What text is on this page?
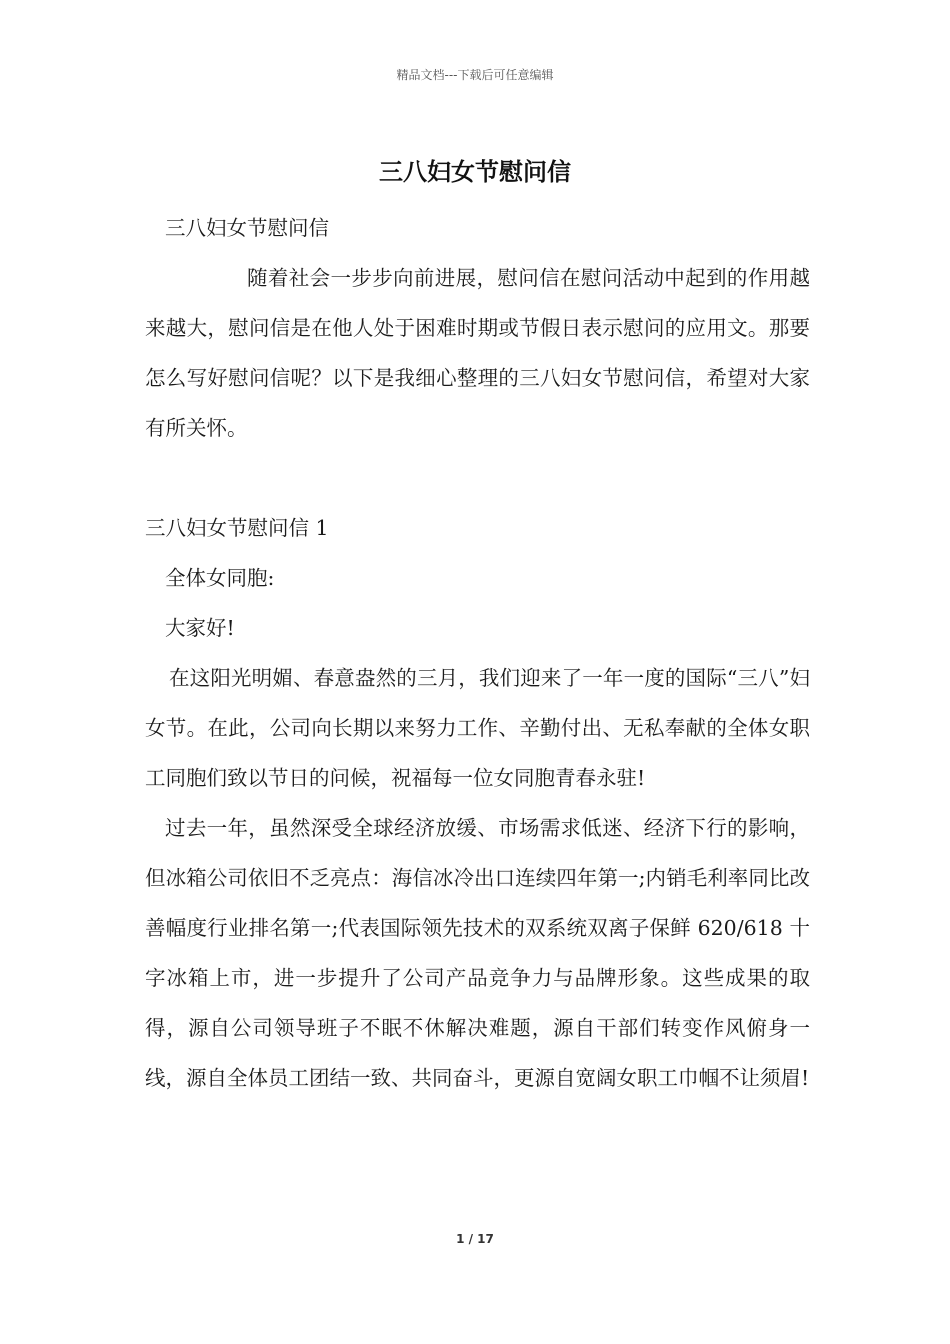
精品文档---下载后可任意编辑
三八妇女节慰问信

三八妇女节慰问信

随着社会一步步向前进展，慰问信在慰问活动中起到的作用越来越大，慰问信是在他人处于困难时期或节假日表示慰问的应用文。那要怎么写好慰问信呢？以下是我细心整理的三八妇女节慰问信，希望对大家有所关怀。

三八妇女节慰问信 1

全体女同胞:

大家好!

在这阳光明媚、春意盎然的三月，我们迎来了一年一度的国际“三八”妇女节。在此，公司向长期以来努力工作、辛勤付出、无私奉献的全体女职工同胞们致以节日的问候，祝福每一位女同胞青春永驻!

过去一年，虽然深受全球经济放缓、市场需求低迷、经济下行的影响，但冰箱公司依旧不乏亮点：海信冰冷出口连续四年第一;内销毛利率同比改善幅度行业排名第一;代表国际领先技术的双系统双离子保鲜 620/618 十字冰箱上市，进一步提升了公司产品竞争力与品牌形象。这些成果的取得，源自公司领导班子不眠不休解决难题，源自干部们转变作风俯身一线，源自全体员工团结一致、共同奋斗，更源自宽阔女职工巾帼不让须眉!

1 / 17
